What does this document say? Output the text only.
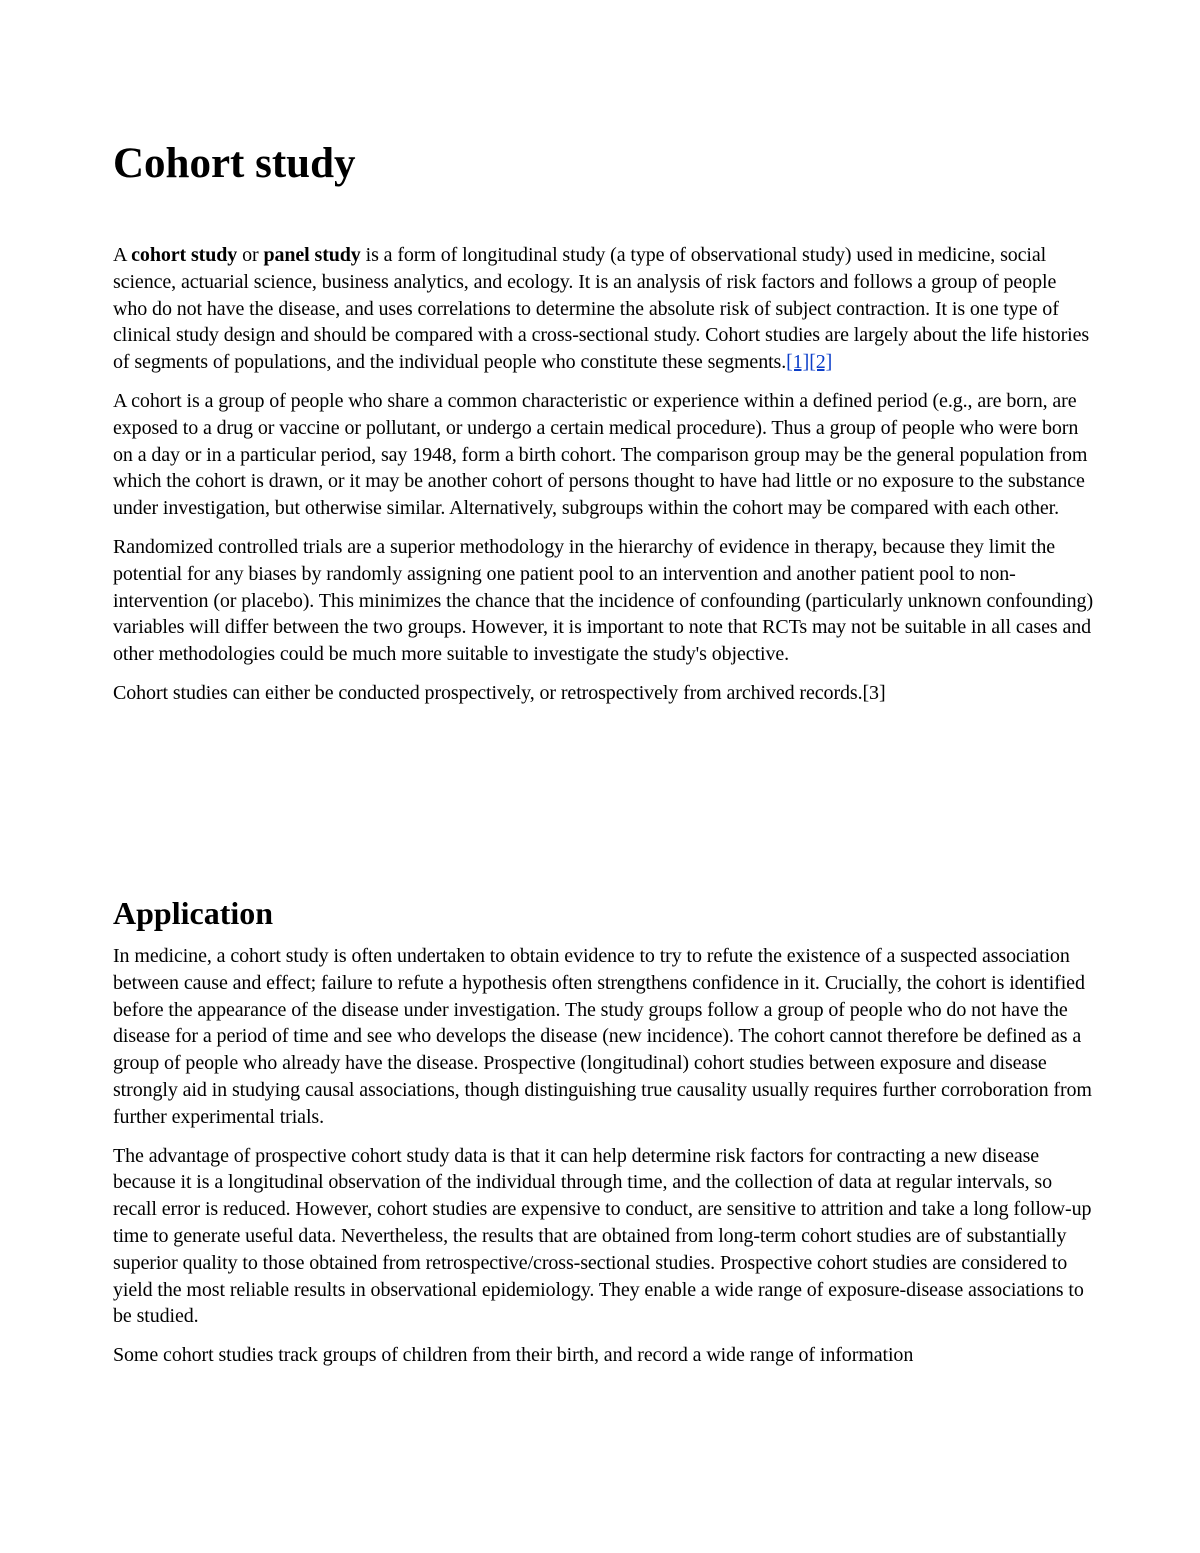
Cohort study

A cohort study or panel study is a form of longitudinal study (a type of observational study) used in medicine, social science, actuarial science, business analytics, and ecology. It is an analysis of risk factors and follows a group of people who do not have the disease, and uses correlations to determine the absolute risk of subject contraction. It is one type of clinical study design and should be compared with a cross-sectional study. Cohort studies are largely about the life histories of segments of populations, and the individual people who constitute these segments.[1][2]

A cohort is a group of people who share a common characteristic or experience within a defined period (e.g., are born, are exposed to a drug or vaccine or pollutant, or undergo a certain medical procedure). Thus a group of people who were born on a day or in a particular period, say 1948, form a birth cohort. The comparison group may be the general population from which the cohort is drawn, or it may be another cohort of persons thought to have had little or no exposure to the substance under investigation, but otherwise similar. Alternatively, subgroups within the cohort may be compared with each other.

Randomized controlled trials are a superior methodology in the hierarchy of evidence in therapy, because they limit the potential for any biases by randomly assigning one patient pool to an intervention and another patient pool to non-intervention (or placebo). This minimizes the chance that the incidence of confounding (particularly unknown confounding) variables will differ between the two groups. However, it is important to note that RCTs may not be suitable in all cases and other methodologies could be much more suitable to investigate the study's objective.

Cohort studies can either be conducted prospectively, or retrospectively from archived records.[3]

Application

In medicine, a cohort study is often undertaken to obtain evidence to try to refute the existence of a suspected association between cause and effect; failure to refute a hypothesis often strengthens confidence in it. Crucially, the cohort is identified before the appearance of the disease under investigation. The study groups follow a group of people who do not have the disease for a period of time and see who develops the disease (new incidence). The cohort cannot therefore be defined as a group of people who already have the disease. Prospective (longitudinal) cohort studies between exposure and disease strongly aid in studying causal associations, though distinguishing true causality usually requires further corroboration from further experimental trials.

The advantage of prospective cohort study data is that it can help determine risk factors for contracting a new disease because it is a longitudinal observation of the individual through time, and the collection of data at regular intervals, so recall error is reduced. However, cohort studies are expensive to conduct, are sensitive to attrition and take a long follow-up time to generate useful data. Nevertheless, the results that are obtained from long-term cohort studies are of substantially superior quality to those obtained from retrospective/cross-sectional studies. Prospective cohort studies are considered to yield the most reliable results in observational epidemiology. They enable a wide range of exposure-disease associations to be studied.

Some cohort studies track groups of children from their birth, and record a wide range of information
